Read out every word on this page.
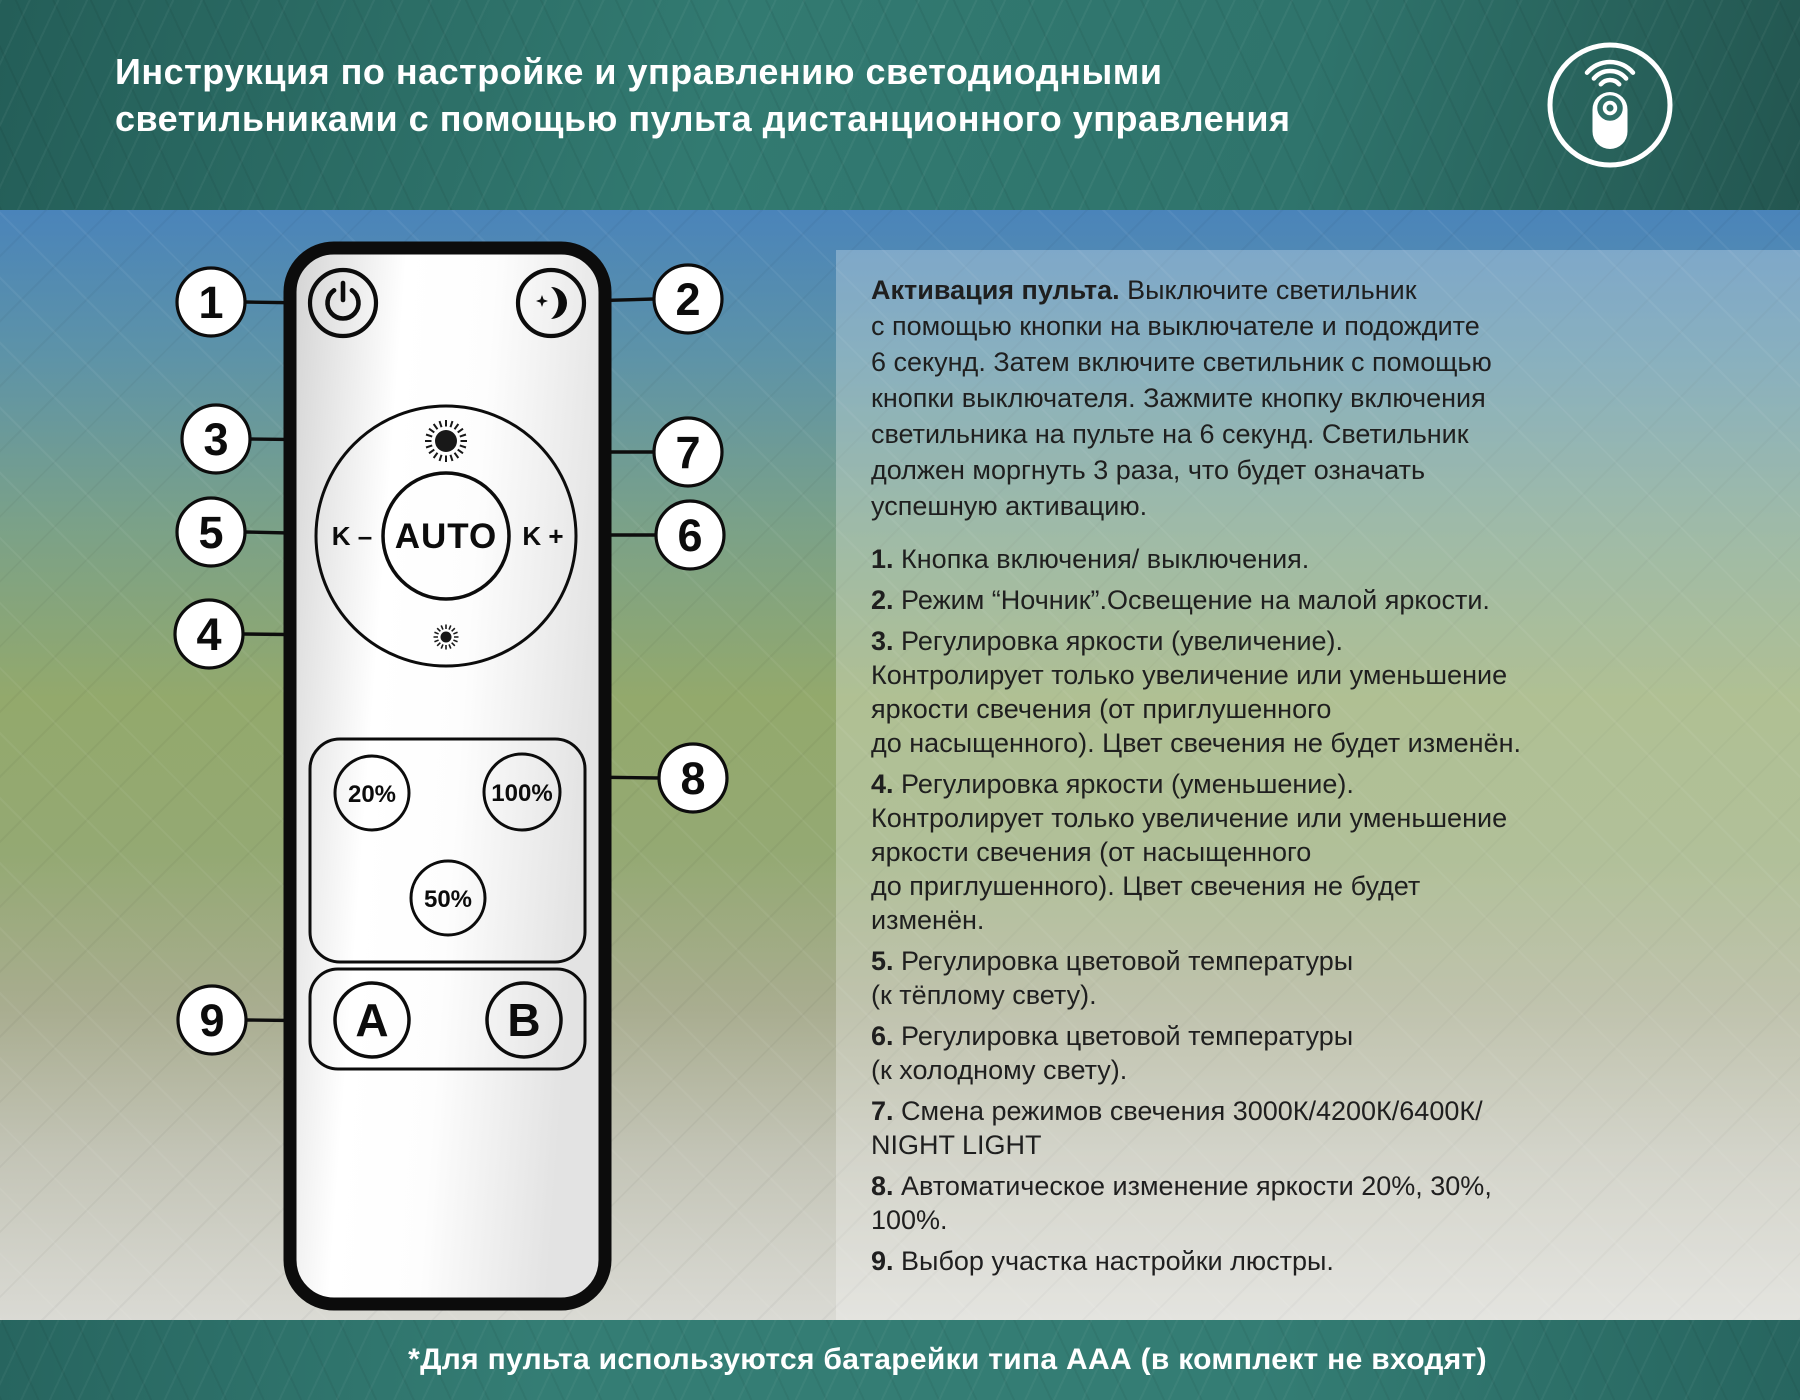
Инструкция по настройке и управлению светодиодными
светильниками с помощью пульта дистанционного управления
AUTO
K –	K +
20%	100%
50%
A	B
1	2
3	7
5	6
4
8
9

Активация пульта. Выключите светильник
с помощью кнопки на выключателе и подождите
6 секунд. Затем включите светильник с помощью
кнопки выключателя. Зажмите кнопку включения
светильника на пульте на 6 секунд. Светильник
должен моргнуть 3 раза, что будет означать
успешную активацию.

1. Кнопка включения/ выключения.
2. Режим “Ночник”.Освещение на малой яркости.
3. Регулировка яркости (увеличение).
Контролирует только увеличение или уменьшение
яркости свечения (от приглушенного
до насыщенного). Цвет свечения не будет изменён.
4. Регулировка яркости (уменьшение).
Контролирует только увеличение или уменьшение
яркости свечения (от насыщенного
до приглушенного). Цвет свечения не будет
изменён.
5. Регулировка цветовой температуры
(к тёплому свету).
6. Регулировка цветовой температуры
(к холодному свету).
7. Смена режимов свечения 3000К/4200К/6400К/
NIGHT LIGHT
8. Автоматическое изменение яркости 20%, 30%,
100%.
9. Выбор участка настройки люстры.
*Для пульта используются батарейки типа ААА (в комплект не входят)
